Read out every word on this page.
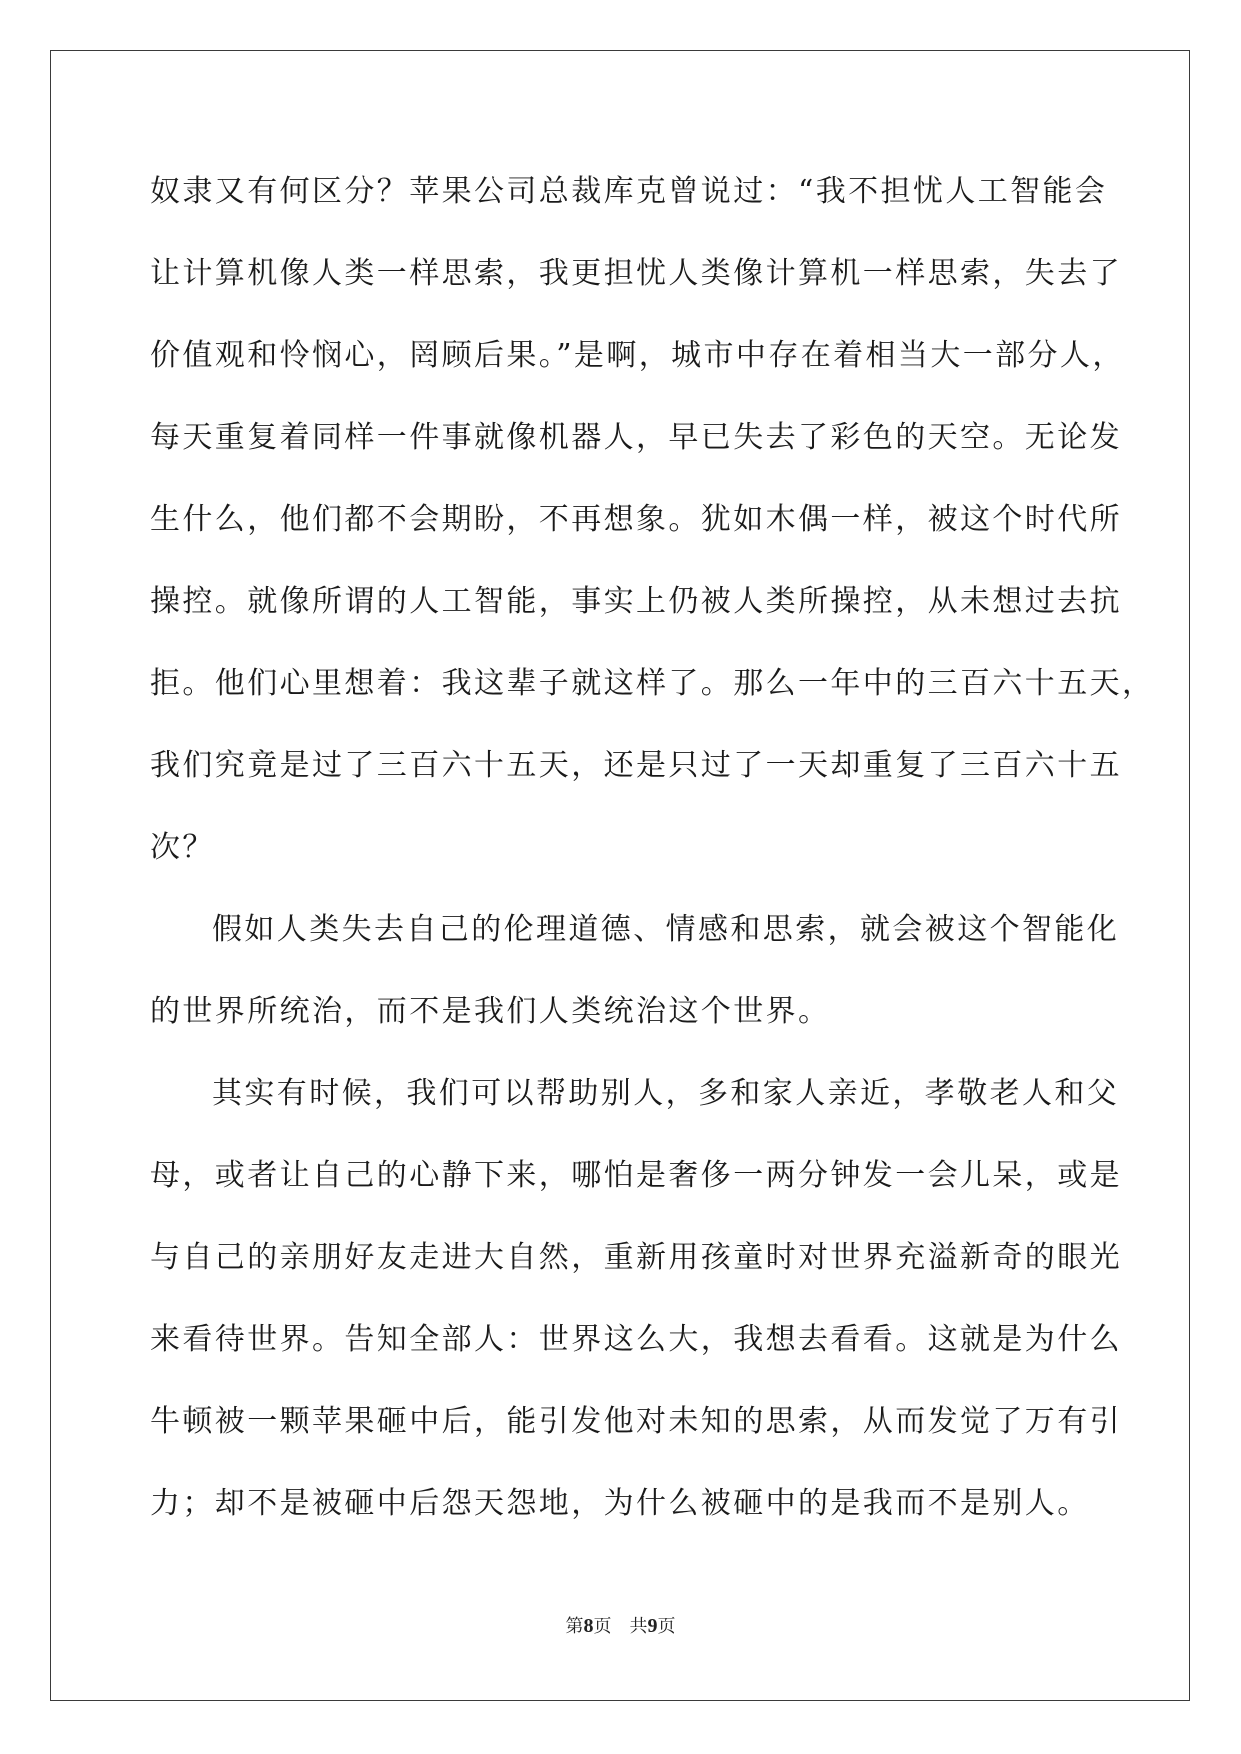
奴隶又有何区分？苹果公司总裁库克曾说过：“我不担忧人工智能会
让计算机像人类一样思索，我更担忧人类像计算机一样思索，失去了
价值观和怜悯心，罔顾后果。”是啊，城市中存在着相当大一部分人，
每天重复着同样一件事就像机器人，早已失去了彩色的天空。无论发
生什么，他们都不会期盼，不再想象。犹如木偶一样，被这个时代所
操控。就像所谓的人工智能，事实上仍被人类所操控，从未想过去抗
拒。他们心里想着：我这辈子就这样了。那么一年中的三百六十五天，
我们究竟是过了三百六十五天，还是只过了一天却重复了三百六十五
次？
假如人类失去自己的伦理道德、情感和思索，就会被这个智能化
的世界所统治，而不是我们人类统治这个世界。
其实有时候，我们可以帮助别人，多和家人亲近，孝敬老人和父
母，或者让自己的心静下来，哪怕是奢侈一两分钟发一会儿呆，或是
与自己的亲朋好友走进大自然，重新用孩童时对世界充溢新奇的眼光
来看待世界。告知全部人：世界这么大，我想去看看。这就是为什么
牛顿被一颗苹果砸中后，能引发他对未知的思索，从而发觉了万有引
力；却不是被砸中后怨天怨地，为什么被砸中的是我而不是别人。
第8页 共9页
